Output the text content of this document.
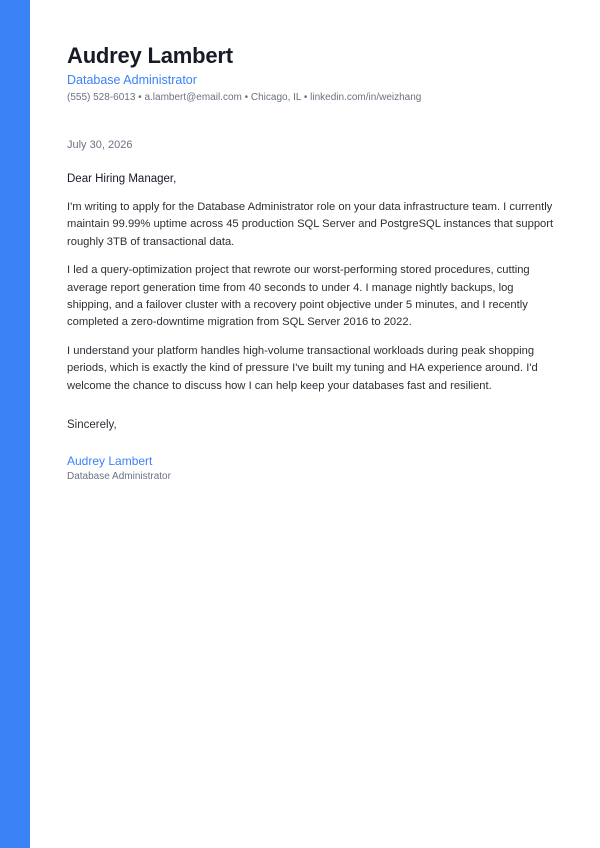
Audrey Lambert
Database Administrator
(555) 528-6013 • a.lambert@email.com • Chicago, IL • linkedin.com/in/weizhang
July 30, 2026
Dear Hiring Manager,

I'm writing to apply for the Database Administrator role on your data infrastructure team. I currently maintain 99.99% uptime across 45 production SQL Server and PostgreSQL instances that support roughly 3TB of transactional data.

I led a query-optimization project that rewrote our worst-performing stored procedures, cutting average report generation time from 40 seconds to under 4. I manage nightly backups, log shipping, and a failover cluster with a recovery point objective under 5 minutes, and I recently completed a zero-downtime migration from SQL Server 2016 to 2022.

I understand your platform handles high-volume transactional workloads during peak shopping periods, which is exactly the kind of pressure I've built my tuning and HA experience around. I'd welcome the chance to discuss how I can help keep your databases fast and resilient.

Sincerely,
Audrey Lambert
Database Administrator
